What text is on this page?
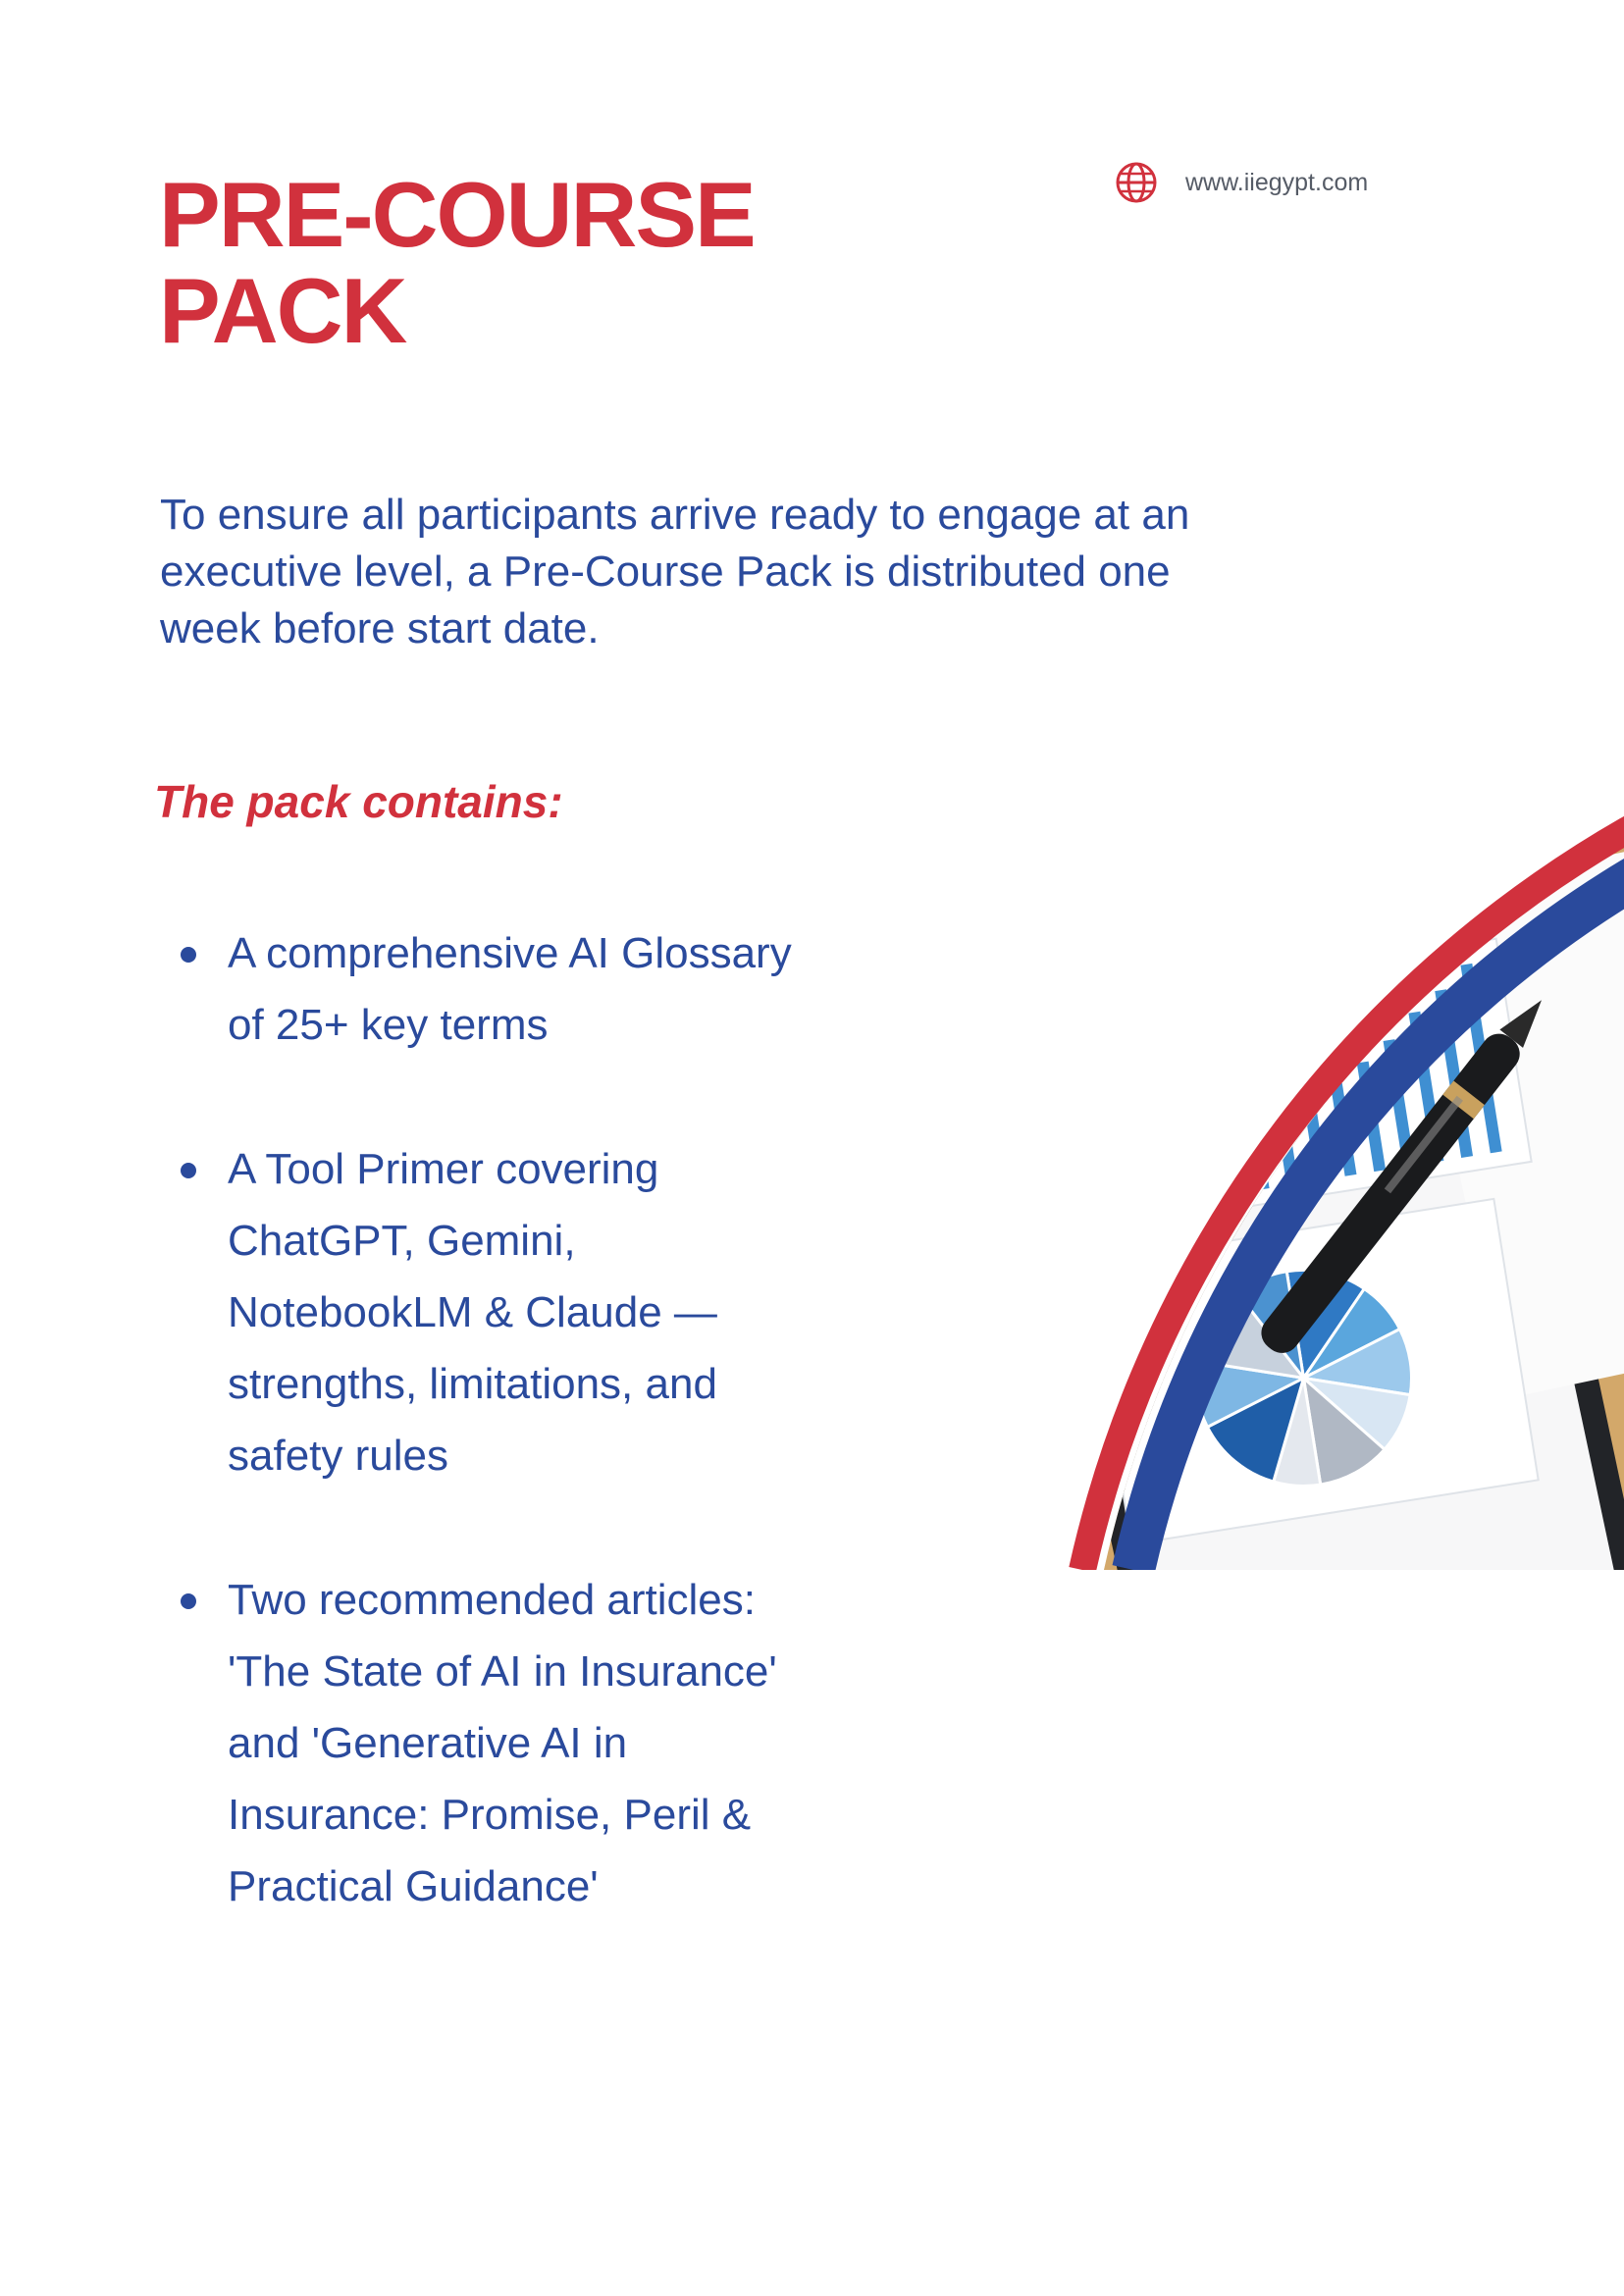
PRE-COURSE
PACK
www.iiegypt.com

To ensure all participants arrive ready to engage at an executive level, a Pre-Course Pack is distributed one week before start date.

The pack contains:
A comprehensive AI Glossary
of 25+ key terms
A Tool Primer covering
ChatGPT, Gemini,
NotebookLM & Claude —
strengths, limitations, and
safety rules
Two recommended articles:
'The State of AI in Insurance'
and 'Generative AI in
Insurance: Promise, Peril &
Practical Guidance'
